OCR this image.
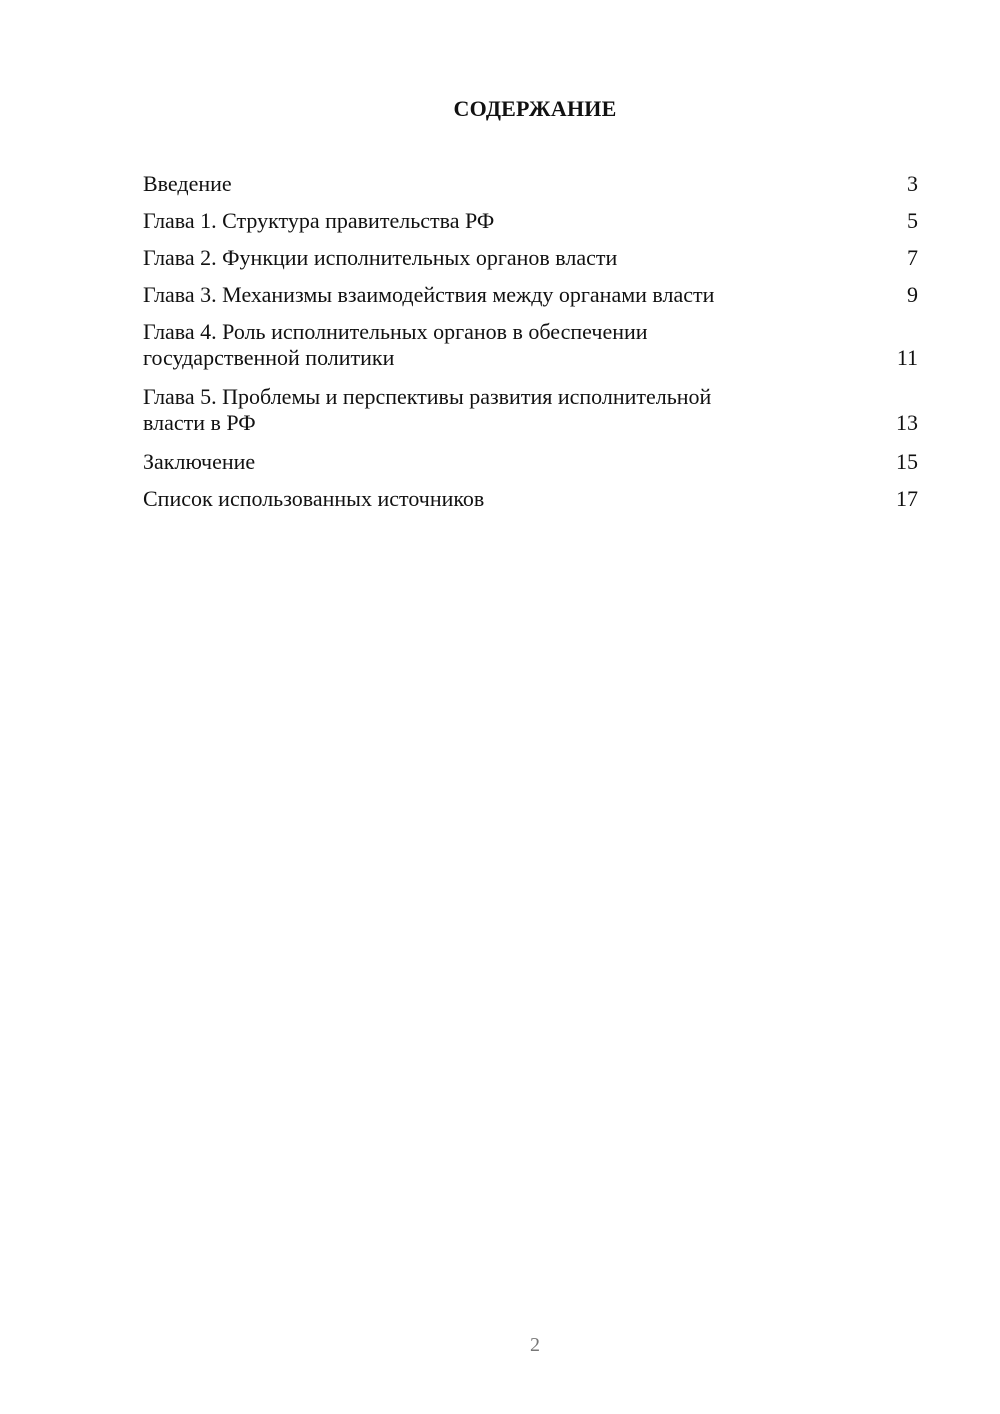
СОДЕРЖАНИЕ
Введение	3
Глава 1. Структура правительства РФ	5
Глава 2. Функции исполнительных органов власти	7
Глава 3. Механизмы взаимодействия между органами власти	9
Глава 4. Роль исполнительных органов в обеспечении
государственной политики	11
Глава 5. Проблемы и перспективы развития исполнительной
власти в РФ	13
Заключение	15
Список использованных источников	17
2
